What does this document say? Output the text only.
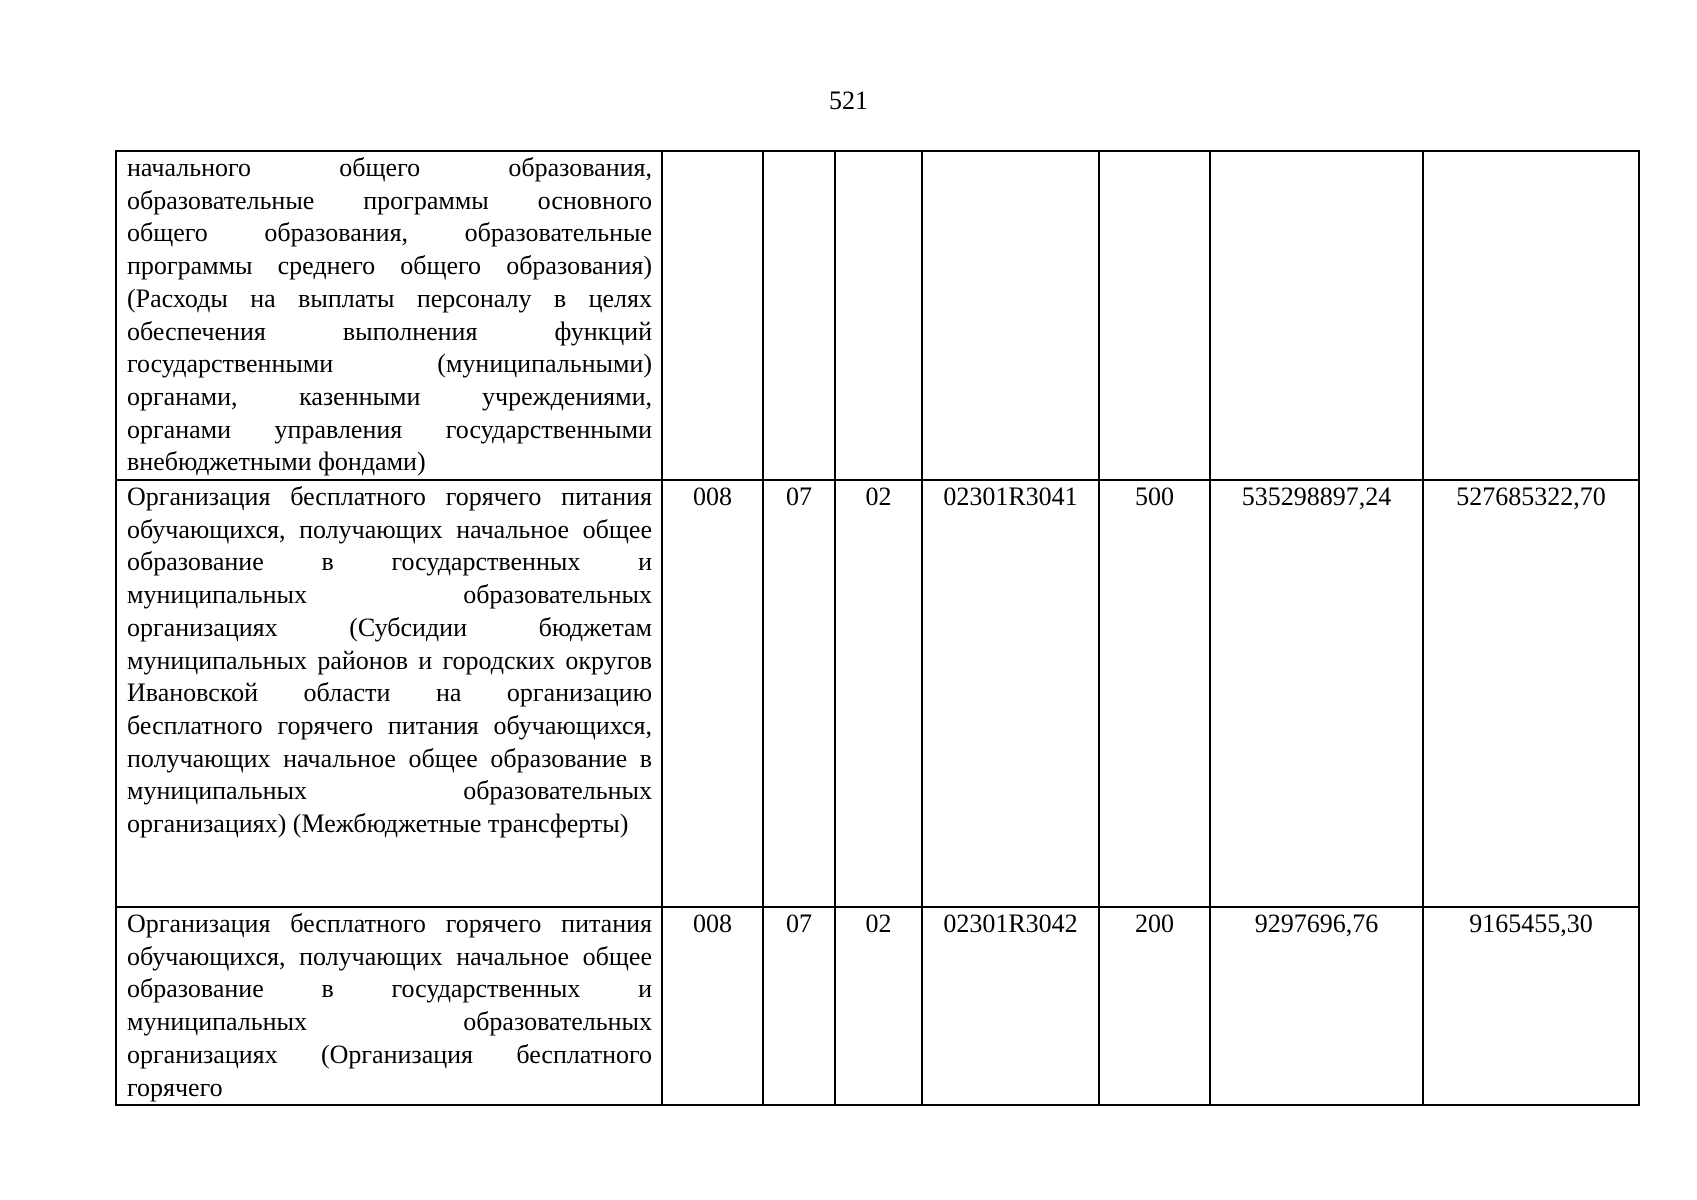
521
начального общего образования, образовательные программы основного общего образования, образовательные программы среднего общего образования) (Расходы на выплаты персоналу в целях обеспечения выполнения функций государственными (муниципальными) органами, казенными учреждениями, органами управления государственными внебюджетными фондами)							

Организация бесплатного горячего питания обучающихся, получающих начальное общее образование в государственных и муниципальных образовательных организациях (Субсидии бюджетам муниципальных районов и городских округов Ивановской области на организацию бесплатного горячего питания обучающихся, получающих начальное общее образование в муниципальных образовательных организациях) (Межбюджетные трансферты)	008	07	02	02301R3041	500	535298897,24	527685322,70

Организация бесплатного горячего питания обучающихся, получающих начальное общее образование в государственных и муниципальных образовательных организациях (Организация бесплатного горячего	008	07	02	02301R3042	200	9297696,76	9165455,30
